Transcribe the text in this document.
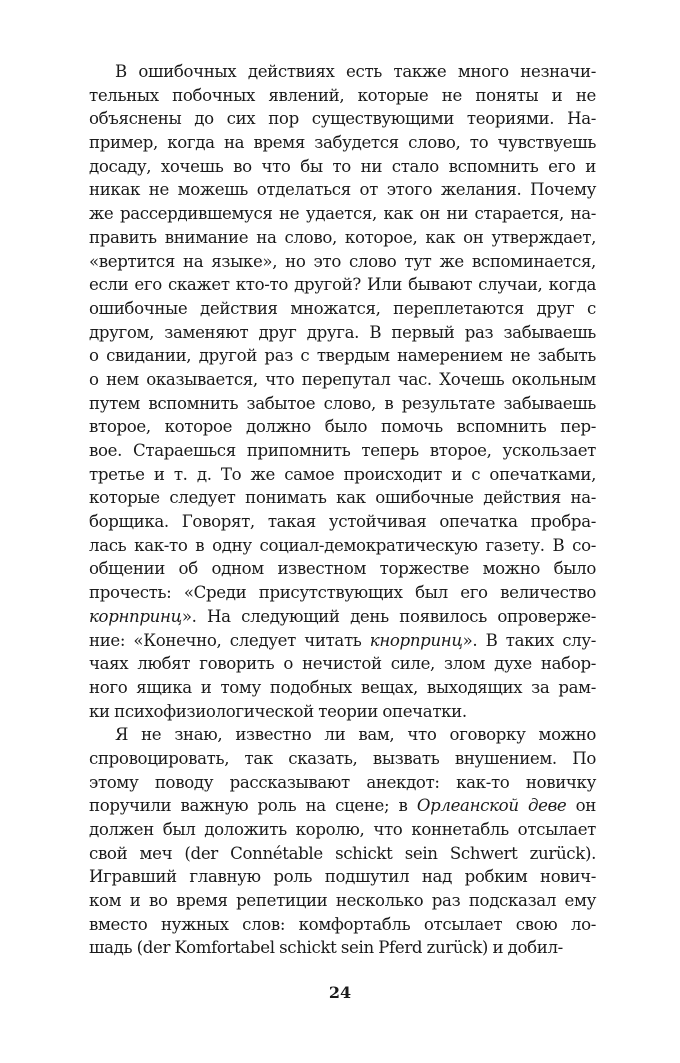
В ошибочных действиях есть также много незначи-
тельных побочных явлений, которые не поняты и не
объяснены до сих пор существующими теориями. На-
пример, когда на время забудется слово, то чувствуешь
досаду, хочешь во что бы то ни стало вспомнить его и
никак не можешь отделаться от этого желания. Почему
же рассердившемуся не удается, как он ни старается, на-
править внимание на слово, которое, как он утверждает,
«вертится на языке», но это слово тут же вспоминается,
если его скажет кто-то другой? Или бывают случаи, когда
ошибочные действия множатся, переплетаются друг с
другом, заменяют друг друга. В первый раз забываешь
о свидании, другой раз с твердым намерением не забыть
о нем оказывается, что перепутал час. Хочешь окольным
путем вспомнить забытое слово, в результате забываешь
второе, которое должно было помочь вспомнить пер-
вое. Стараешься припомнить теперь второе, ускользает
третье и т. д. То же самое происходит и с опечатками,
которые следует понимать как ошибочные действия на-
борщика. Говорят, такая устойчивая опечатка пробра-
лась как-то в одну социал-демократическую газету. В со-
общении об одном известном торжестве можно было
прочесть: «Среди присутствующих был его величество
корнпринц». На следующий день появилось опроверже-
ние: «Конечно, следует читать кнорпринц». В таких слу-
чаях любят говорить о нечистой силе, злом духе набор-
ного ящика и тому подобных вещах, выходящих за рам-
ки психофизиологической теории опечатки.
Я не знаю, известно ли вам, что оговорку можно
спровоцировать, так сказать, вызвать внушением. По
этому поводу рассказывают анекдот: как-то новичку
поручили важную роль на сцене; в Орлеанской деве он
должен был доложить королю, что коннетабль отсылает
свой меч (der Connétable schickt sein Schwert zurück).
Игравший главную роль подшутил над робким нович-
ком и во время репетиции несколько раз подсказал ему
вместо нужных слов: комфортабль отсылает свою ло-
шадь (der Komfortabel schickt sein Pferd zurück) и добил-
24
